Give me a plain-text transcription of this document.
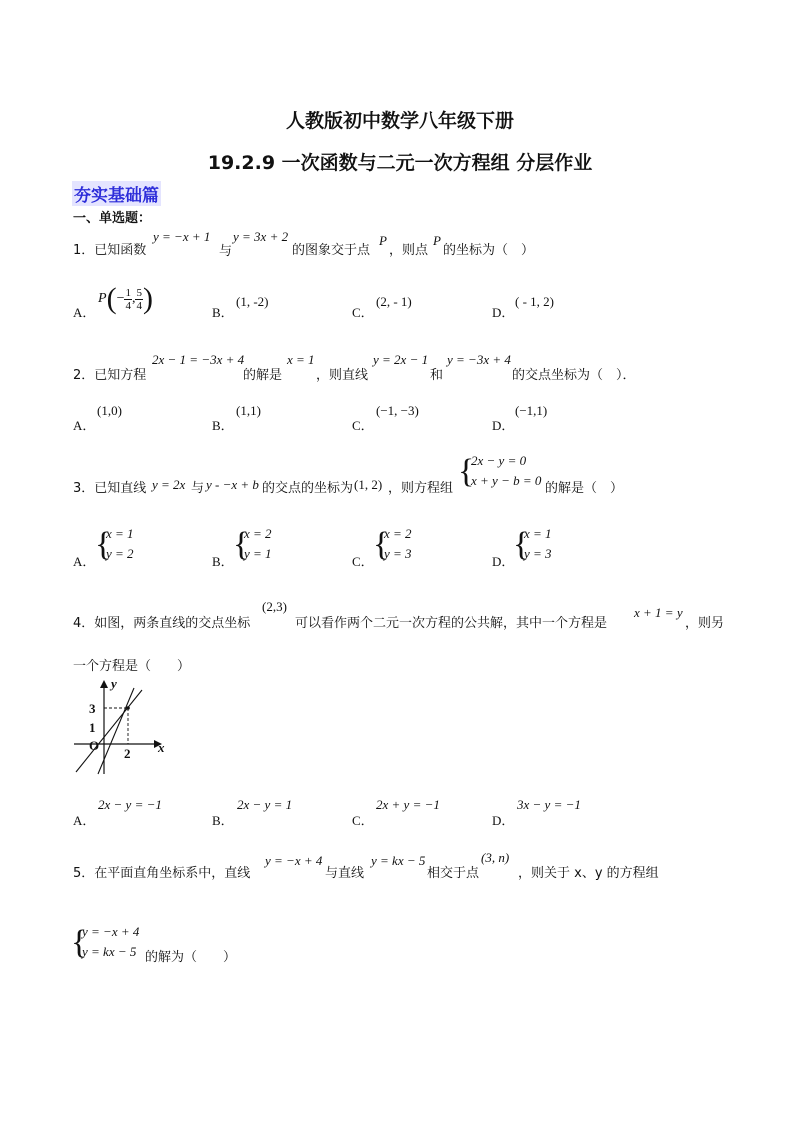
人教版初中数学八年级下册
19.2.9 一次函数与二元一次方程组 分层作业
夯实基础篇
一、单选题：
1．已知函数
y = −x + 1
与
y = 3x + 2
的图象交于点
P
，则点
P
的坐标为（　）
A．
$P(- \frac{1}{4}$, $\frac{5}{4}$)	B．
(1, -2)
C．
(2, - 1)
D．
( - 1, 2)
2．已知方程
2x − 1 = −3x + 4
的解是
x = 1
，则直线
y = 2x − 1
和
y = −3x + 4
的交点坐标为（　）．
A．
(1,0)
B．
(1,1)
C．
(−1, −3)
D．
(−1,1)
3．已知直线 y = 2x 与 y - −x + b 的交点的坐标为 (1, 2) ，则方程组 {
2x − y = 0
x + y − b = 0
的解是（　）
A． {
x = 1
y = 2
B． {
x = 2
y = 1
C． {
x = 2
y = 3
D．
{
x = 1
y = 3
4．如图，两条直线的交点坐标
(2,3)
可以看作两个二元一次方程的公共解，其中一个方程是
x + 1 = y
，则另
一个方程是（　　）
y
x
O
3
1
2
A．
2x − y = −1
B．
2x − y = 1
C．
2x + y = −1
D．
3x − y = −1
5．在平面直角坐标系中，直线
y = −x + 4
与直线
y = kx − 5
相交于点
(3, n)
，则关于 x、y 的方程组
{
y = −x + 4
y = kx − 5 的解为（　　）
